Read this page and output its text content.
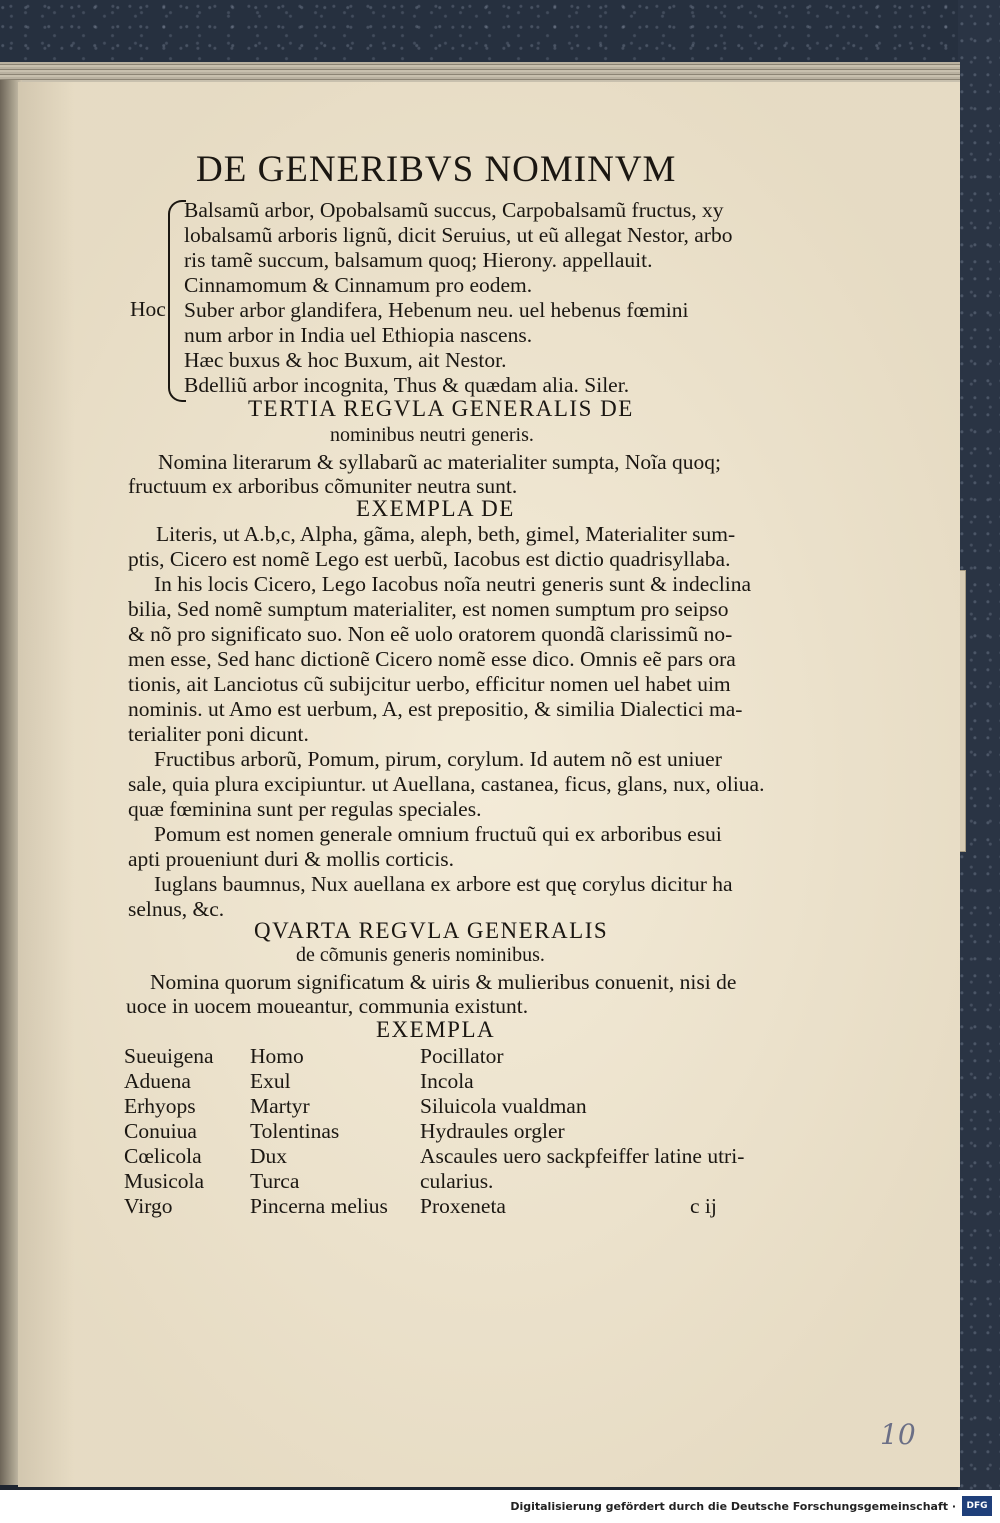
DE GENERIBVS NOMINVM
Hoc
Balsamũ arbor, Opobalsamũ succus, Carpobalsamũ fructus, xy
lobalsamũ arboris lignũ, dicit Seruius, ut eũ allegat Nestor, arbo
ris tamẽ succum, balsamum quoq; Hierony. appellauit.
Cinnamomum & Cinnamum pro eodem.
Suber arbor glandifera, Hebenum neu. uel hebenus fœmini
num arbor in India uel Ethiopia nascens.
Hæc buxus & hoc Buxum, ait Nestor.
Bdelliũ arbor incognita, Thus & quædam alia. Siler.
TERTIA REGVLA GENERALIS DE
nominibus neutri generis.
Nomina literarum & syllabarũ ac materialiter sumpta, Noĩa quoq;
fructuum ex arboribus cõmuniter neutra sunt.
EXEMPLA DE
Literis, ut A.b,c, Alpha, gãma, aleph, beth, gimel, Materialiter sum-
ptis, Cicero est nomẽ Lego est uerbũ, Iacobus est dictio quadrisyllaba.
In his locis Cicero, Lego Iacobus noĩa neutri generis sunt & indeclina
bilia, Sed nomẽ sumptum materialiter, est nomen sumptum pro seipso
& nõ pro significato suo. Non eẽ uolo oratorem quondã clarissimũ no-
men esse, Sed hanc dictionẽ Cicero nomẽ esse dico. Omnis eẽ pars ora
tionis, ait Lanciotus cũ subijcitur uerbo, efficitur nomen uel habet uim
nominis. ut Amo est uerbum, A, est prepositio, & similia Dialectici ma-
terialiter poni dicunt.
Fructibus arborũ, Pomum, pirum, corylum. Id autem nõ est uniuer
sale, quia plura excipiuntur. ut Auellana, castanea, ficus, glans, nux, oliua.
quæ fœminina sunt per regulas speciales.
Pomum est nomen generale omnium fructuũ qui ex arboribus esui
apti proueniunt duri & mollis corticis.
Iuglans baumnus, Nux auellana ex arbore est quę corylus dicitur ha
selnus, &c.
QVARTA REGVLA GENERALIS
de cõmunis generis nominibus.
Nomina quorum significatum & uiris & mulieribus conuenit, nisi de
uoce in uocem moueantur, communia existunt.
EXEMPLA
Sueuigena
Aduena
Erhyops
Conuiua
Cœlicola
Musicola
Virgo
Homo
Exul
Martyr
Tolentinas
Dux
Turca
Pincerna melius
Pocillator
Incola
Siluicola vualdman
Hydraules orgler
Ascaules uero sackpfeiffer latine utri-
cularius.
Proxeneta	c ij
10
Digitalisierung gefördert durch die Deutsche Forschungsgemeinschaft ·	DFG
